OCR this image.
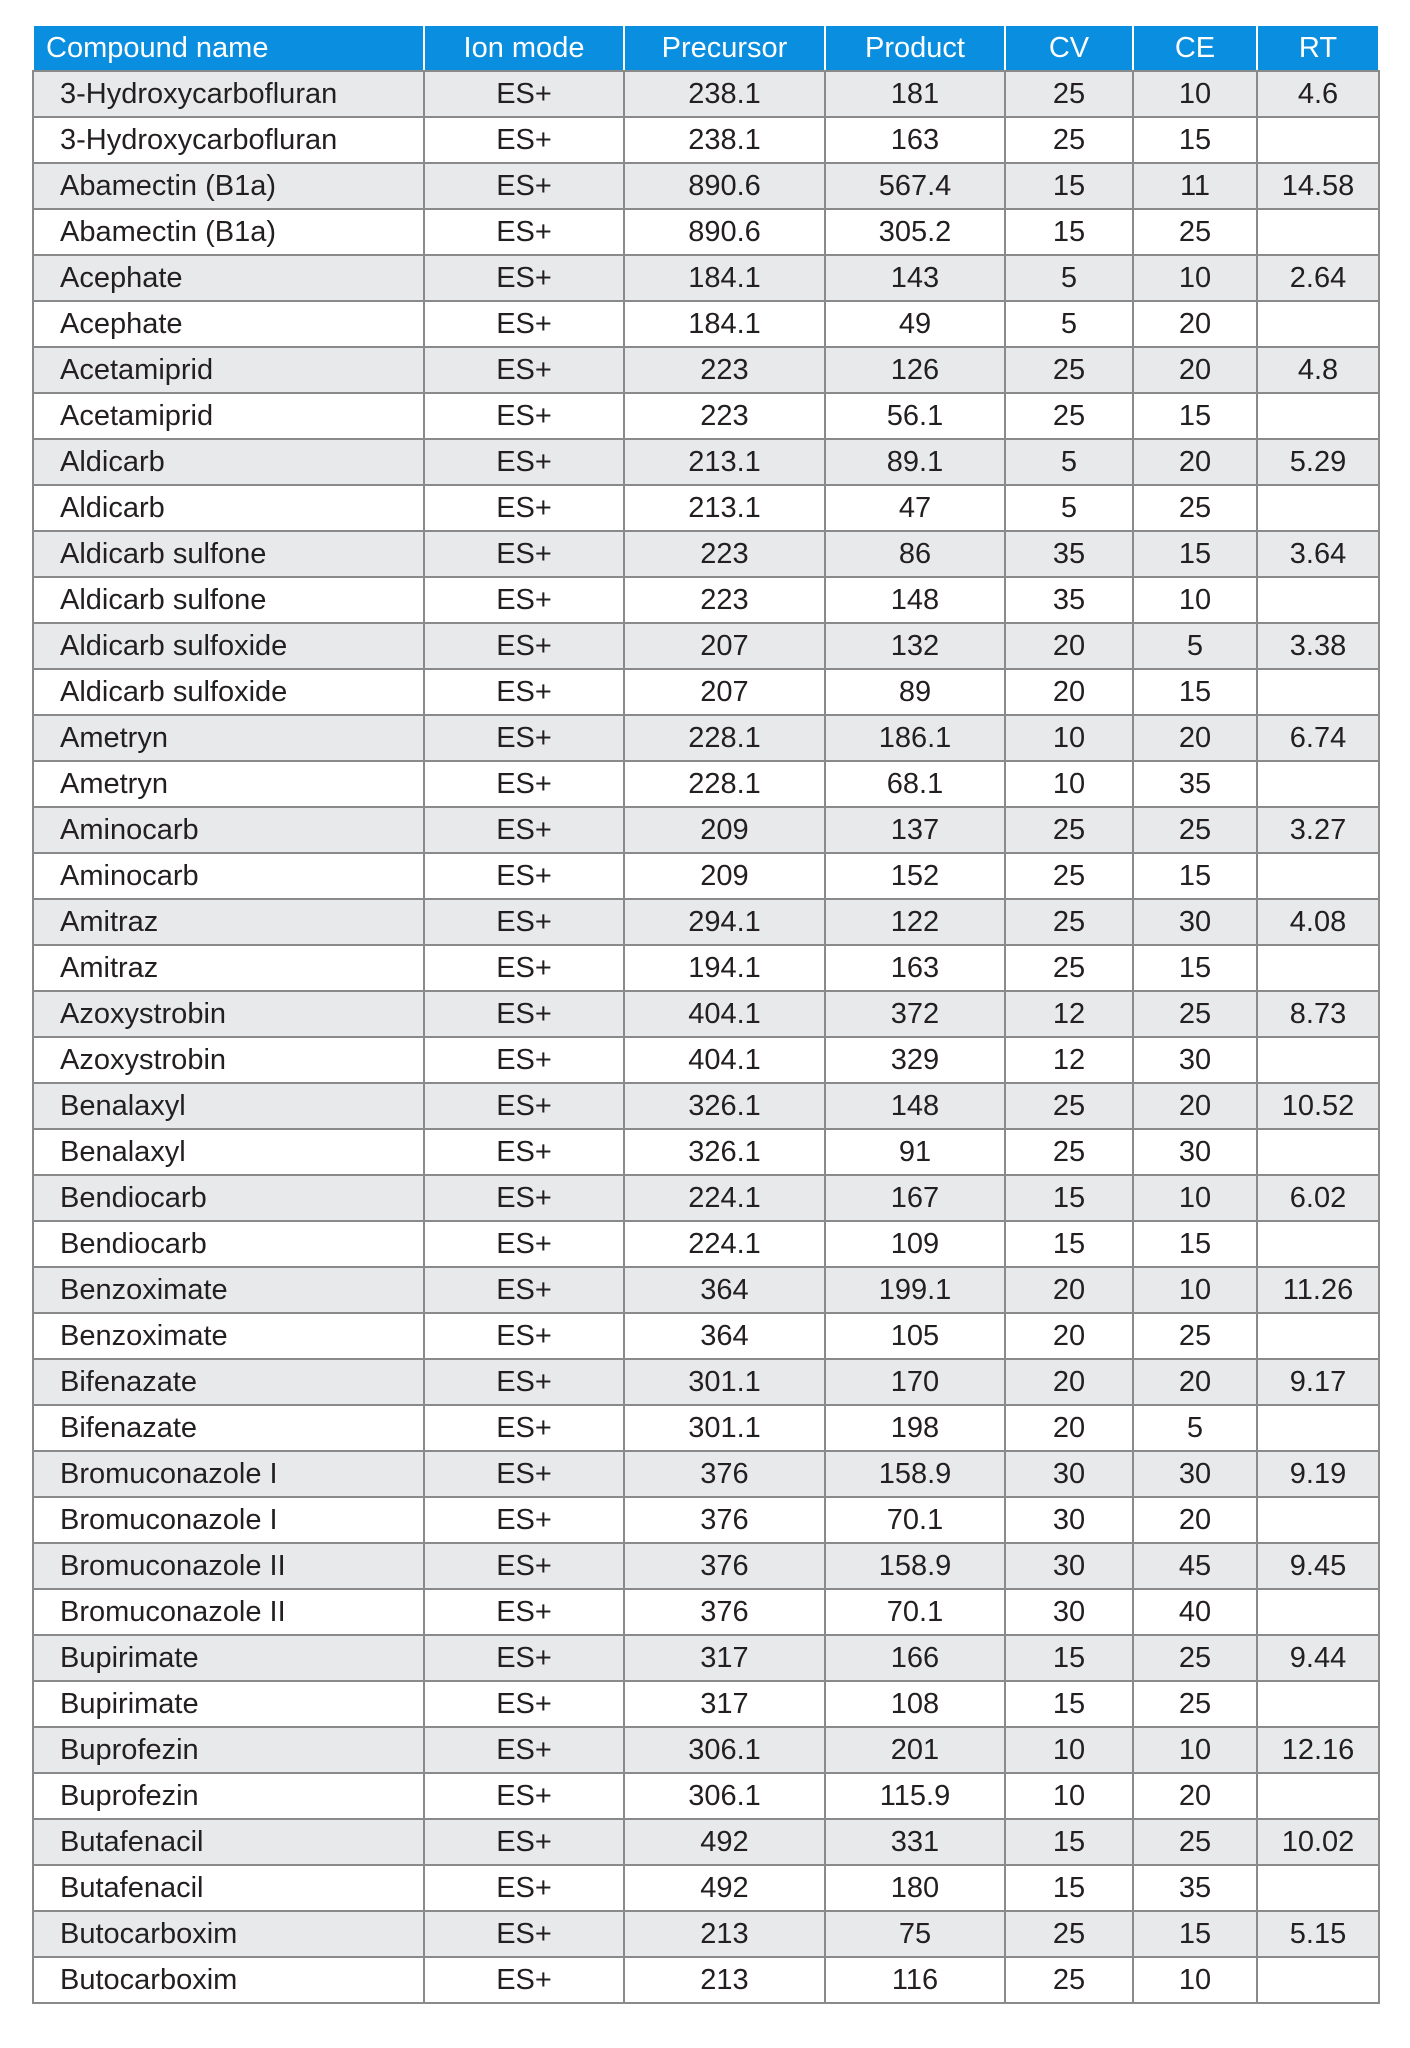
Compound name	Ion mode	Precursor	Product	CV	CE	RT
3-Hydroxycarbofluran	ES+	238.1	181	25	10	4.6
3-Hydroxycarbofluran	ES+	238.1	163	25	15	
Abamectin (B1a)	ES+	890.6	567.4	15	11	14.58
Abamectin (B1a)	ES+	890.6	305.2	15	25	
Acephate	ES+	184.1	143	5	10	2.64
Acephate	ES+	184.1	49	5	20	
Acetamiprid	ES+	223	126	25	20	4.8
Acetamiprid	ES+	223	56.1	25	15	
Aldicarb	ES+	213.1	89.1	5	20	5.29
Aldicarb	ES+	213.1	47	5	25	
Aldicarb sulfone	ES+	223	86	35	15	3.64
Aldicarb sulfone	ES+	223	148	35	10	
Aldicarb sulfoxide	ES+	207	132	20	5	3.38
Aldicarb sulfoxide	ES+	207	89	20	15	
Ametryn	ES+	228.1	186.1	10	20	6.74
Ametryn	ES+	228.1	68.1	10	35	
Aminocarb	ES+	209	137	25	25	3.27
Aminocarb	ES+	209	152	25	15	
Amitraz	ES+	294.1	122	25	30	4.08
Amitraz	ES+	194.1	163	25	15	
Azoxystrobin	ES+	404.1	372	12	25	8.73
Azoxystrobin	ES+	404.1	329	12	30	
Benalaxyl	ES+	326.1	148	25	20	10.52
Benalaxyl	ES+	326.1	91	25	30	
Bendiocarb	ES+	224.1	167	15	10	6.02
Bendiocarb	ES+	224.1	109	15	15	
Benzoximate	ES+	364	199.1	20	10	11.26
Benzoximate	ES+	364	105	20	25	
Bifenazate	ES+	301.1	170	20	20	9.17
Bifenazate	ES+	301.1	198	20	5	
Bromuconazole I	ES+	376	158.9	30	30	9.19
Bromuconazole I	ES+	376	70.1	30	20	
Bromuconazole II	ES+	376	158.9	30	45	9.45
Bromuconazole II	ES+	376	70.1	30	40	
Bupirimate	ES+	317	166	15	25	9.44
Bupirimate	ES+	317	108	15	25	
Buprofezin	ES+	306.1	201	10	10	12.16
Buprofezin	ES+	306.1	115.9	10	20	
Butafenacil	ES+	492	331	15	25	10.02
Butafenacil	ES+	492	180	15	35	
Butocarboxim	ES+	213	75	25	15	5.15
Butocarboxim	ES+	213	116	25	10	
